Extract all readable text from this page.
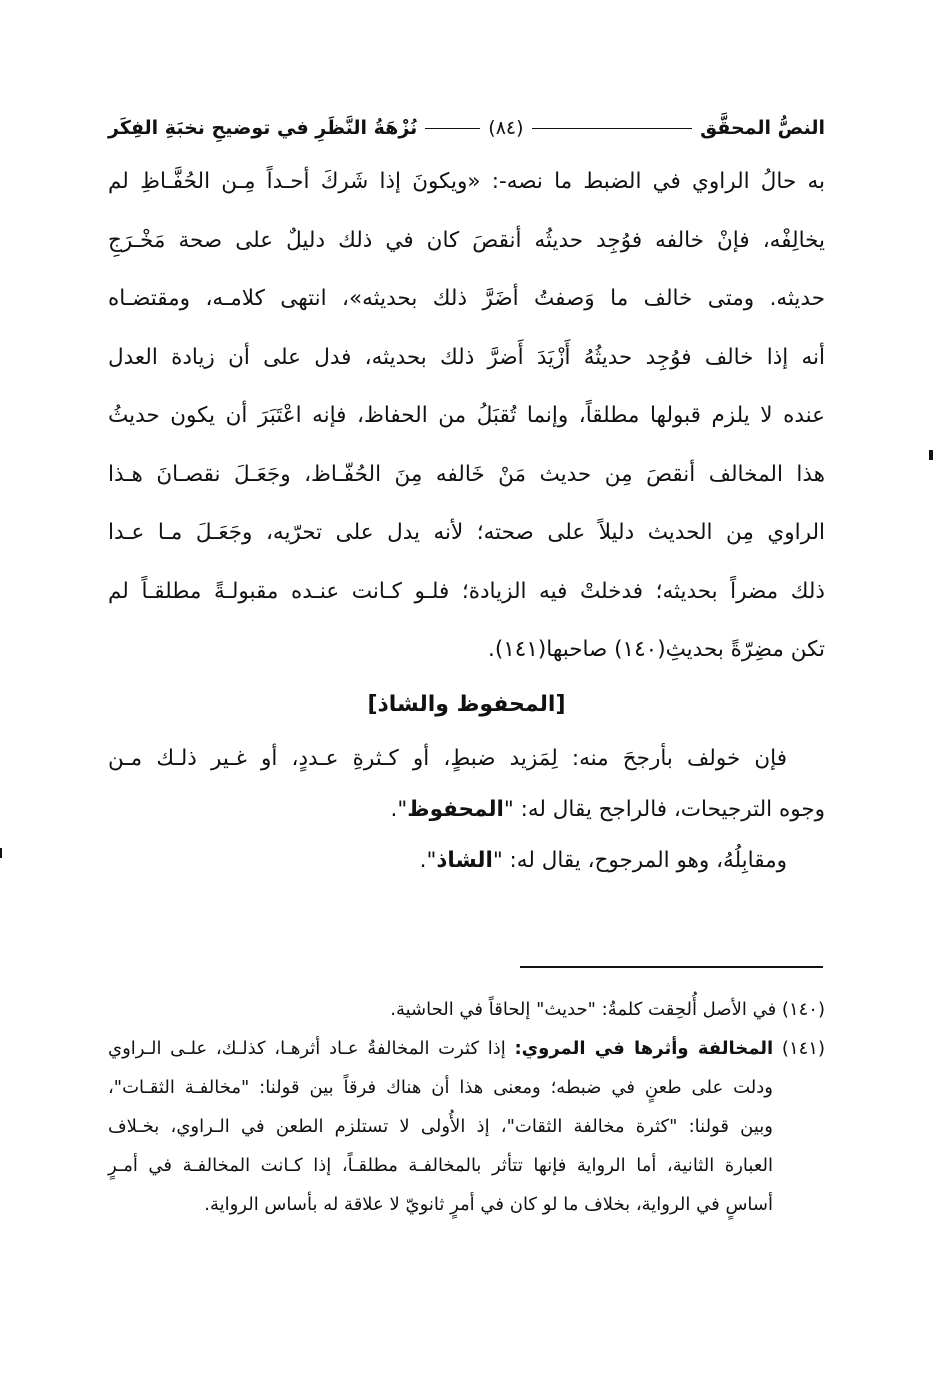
النصُّ المحقَّق
(٨٤)
نُزْهَةُ النَّظَرِ في توضيحِ نخبَةِ الفِكَر
به حالُ الراوي في الضبط ما نصه-: «ويكونَ إذا شَركَ أحـداً مِـن الحُفَّـاظِ لم
يخالِفْه، فإنْ خالفه فوُجِد حديثُه أنقصَ كان في ذلك دليلٌ على صحة مَخْـرَجِ
حديثه. ومتى خالف ما وَصفتُ أضَرَّ ذلك بحديثه»، انتهى كلامـه، ومقتضـاه
أنه إذا خالف فوُجِد حديثُهُ أَزْيَدَ أَضرَّ ذلك بحديثه، فدل على أن زيادة العدل
عنده لا يلزم قبولها مطلقاً، وإنما تُقبَلُ من الحفاظ، فإنه اعْتَبَرَ أن يكون حديثُ
هذا المخالف أنقصَ مِن حديث مَنْ خَالفه مِنَ الحُفّـاظ، وجَعَـلَ نقصـانَ هـذا
الراوي مِن الحديث دليلاً على صحته؛ لأنه يدل على تحرّيه، وجَعَـلَ مـا عـدا
ذلك مضراً بحديثه؛ فدخلتْ فيه الزيادة؛ فلـو كـانت عنـده مقبولـةً مطلقـاً لم
تكن مضِرّةً بحديثِ(١٤٠) صاحبها(١٤١).
[المحفوظ والشاذ]
فإن خولف بأرجحَ منه: لِمَزيد ضبطٍ، أو كـثرةِ عـددٍ، أو غـير ذلـك مـن
وجوه الترجيحات، فالراجح يقال له: "المحفوظ".
ومقابِلُهُ، وهو المرجوح، يقال له: "الشاذ".
(١٤٠) في الأصل أُلحِقت كلمةُ: "حديث" إلحاقاً في الحاشية.
(١٤١) المخالفة وأثرها في المروي: إذا كثرت المخالفةُ عـاد أثرهـا، كذلـك، علـى الـراوي
ودلت على طعنٍ في ضبطه؛ ومعنى هذا أن هناك فرقاً بين قولنا: "مخالفـة الثقـات"،
وبين قولنا: "كثرة مخالفة الثقات"، إذ الأُولى لا تستلزم الطعن في الـراوي، بخـلاف
العبارة الثانية، أما الرواية فإنها تتأثر بالمخالفـة مطلقـاً، إذا كـانت المخالفـة في أمـرٍ
أساسٍ في الرواية، بخلاف ما لو كان في أمرٍ ثانويّ لا علاقة له بأساس الرواية.
